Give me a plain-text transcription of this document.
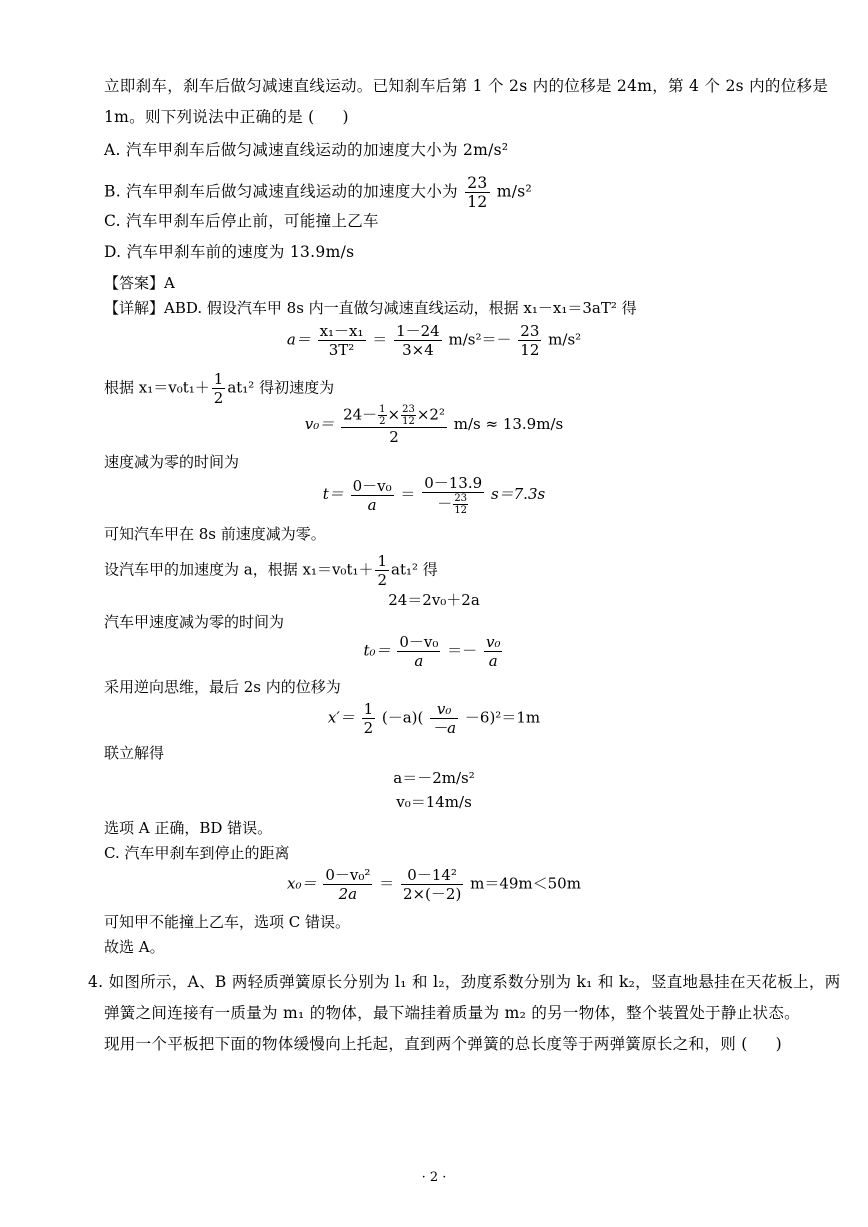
立即刹车，刹车后做匀减速直线运动。已知刹车后第 1 个 2s 内的位移是 24m，第 4 个 2s 内的位移是
1m。则下列说法中正确的是 ( )
A. 汽车甲刹车后做匀减速直线运动的加速度大小为 2m/s²
B. 汽车甲刹车后做匀减速直线运动的加速度大小为 $\frac{23}{12} m/s^2$
C. 汽车甲刹车后停止前，可能撞上乙车
D. 汽车甲刹车前的速度为 13.9m/s
【答案】A
【详解】ABD. 假设汽车甲 8s 内一直做匀减速直线运动，根据 x₁－x₁＝3aT² 得
$a= \frac{\text{x₁－x₁}}{\text{3T²}} = \frac{1-24}{3\times 4} m/s^2=- \frac{23}{12} m/s^2$
根据 $x_1=v_0t_1+ \frac{1}{2} at_1^2$ 得初速度为
$v_0= \frac{24- \frac{1}{2} \times \frac{23}{12} \times 2^2}{2} m/s \approx 13.9m/s$
速度减为零的时间为
$t= \frac{\text{0－v₀}}{a} = \frac{0-13.9}{- \frac{23}{12}} s=7.3s$
可知汽车甲在 8s 前速度减为零。
设汽车甲的加速度为 a，根据 $x_1=v_0t_1+ \frac{1}{2} at_1^2$ 得
24＝2v₀＋2a
汽车甲速度减为零的时间为
$t_0= \frac{\text{0－v₀}}{a} =- \frac{\text{v₀}}{a}$
采用逆向思维，最后 2s 内的位移为
$x'= \frac{1}{2} (-a)( \frac{\text{v₀}}{-a} -6)^2=1m$
联立解得
a＝－2m/s²
v₀＝14m/s
选项 A 正确，BD 错误。
C. 汽车甲刹车到停止的距离
$x_0= \frac{\text{0－v₀²}}{2a} = \frac{\text{0－14²}}{2\times(-2)} m=49m<50m$
可知甲不能撞上乙车，选项 C 错误。
故选 A。
4. 如图所示，A、B 两轻质弹簧原长分别为 l₁ 和 l₂，劲度系数分别为 k₁ 和 k₂，竖直地悬挂在天花板上，两
弹簧之间连接有一质量为 m₁ 的物体，最下端挂着质量为 m₂ 的另一物体，整个装置处于静止状态。
现用一个平板把下面的物体缓慢向上托起，直到两个弹簧的总长度等于两弹簧原长之和，则 ( )
· 2 ·
